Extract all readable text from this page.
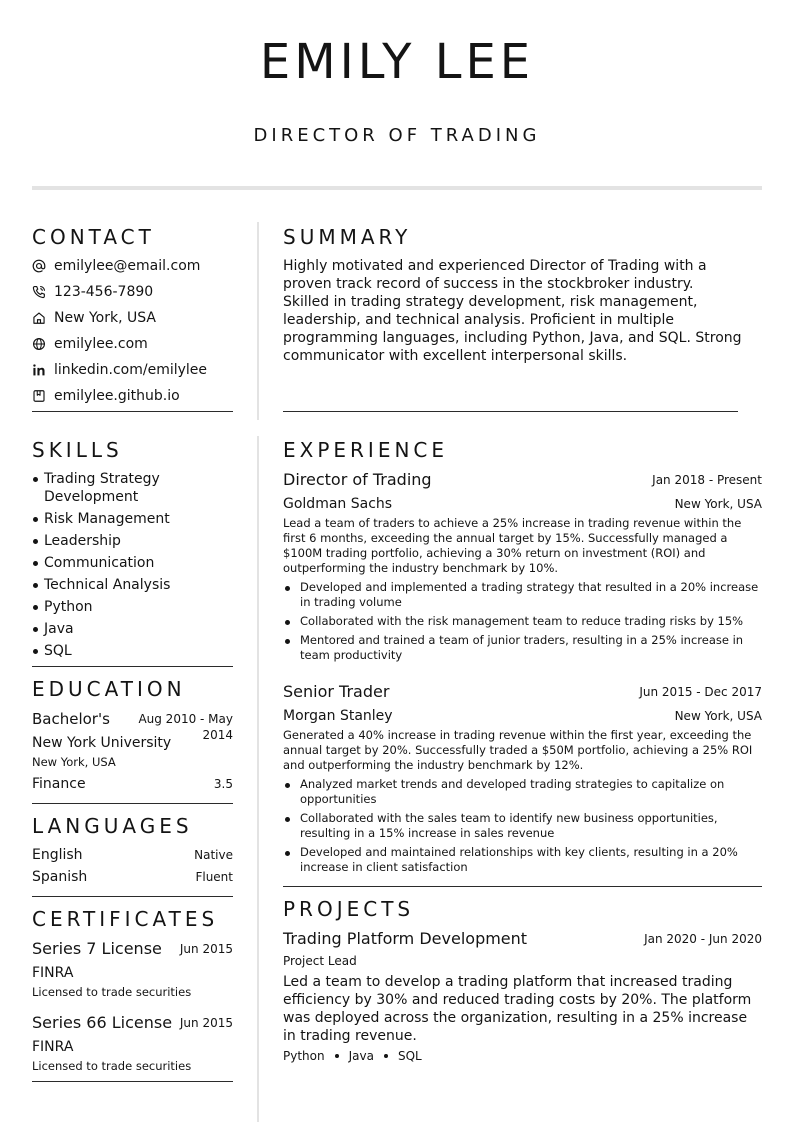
EMILY LEE
DIRECTOR OF TRADING
CONTACT
emilylee@email.com
123-456-7890
New York, USA
emilylee.com
linkedin.com/emilylee
emilylee.github.io
SKILLS
Trading Strategy Development
Risk Management
Leadership
Communication
Technical Analysis
Python
Java
SQL
EDUCATION
Bachelor's	Aug 2010 - May 2014
New York University
New York, USA
Finance	3.5
LANGUAGES
English	Native
Spanish	Fluent
CERTIFICATES
Series 7 License	Jun 2015
FINRA
Licensed to trade securities
Series 66 License Jun 2015
FINRA
Licensed to trade securities
SUMMARY

Highly motivated and experienced Director of Trading with a proven track record of success in the stockbroker industry. Skilled in trading strategy development, risk management, leadership, and technical analysis. Proficient in multiple programming languages, including Python, Java, and SQL. Strong communicator with excellent interpersonal skills.

EXPERIENCE
Director of Trading	Jan 2018 - Present
Goldman Sachs	New York, USA

Lead a team of traders to achieve a 25% increase in trading revenue within the first 6 months, exceeding the annual target by 15%. Successfully managed a $100M trading portfolio, achieving a 30% return on investment (ROI) and outperforming the industry benchmark by 10%.

Developed and implemented a trading strategy that resulted in a 20% increase in trading volume
Collaborated with the risk management team to reduce trading risks by 15%
Mentored and trained a team of junior traders, resulting in a 25% increase in team productivity
Senior Trader	Jun 2015 - Dec 2017
Morgan Stanley	New York, USA

Generated a 40% increase in trading revenue within the first year, exceeding the annual target by 20%. Successfully traded a $50M portfolio, achieving a 25% ROI and outperforming the industry benchmark by 12%.

Analyzed market trends and developed trading strategies to capitalize on opportunities
Collaborated with the sales team to identify new business opportunities, resulting in a 15% increase in sales revenue
Developed and maintained relationships with key clients, resulting in a 20% increase in client satisfaction
PROJECTS
Trading Platform Development	Jan 2020 - Jun 2020
Project Lead

Led a team to develop a trading platform that increased trading efficiency by 30% and reduced trading costs by 20%. The platform was deployed across the organization, resulting in a 25% increase in trading revenue.

Python Java SQL
